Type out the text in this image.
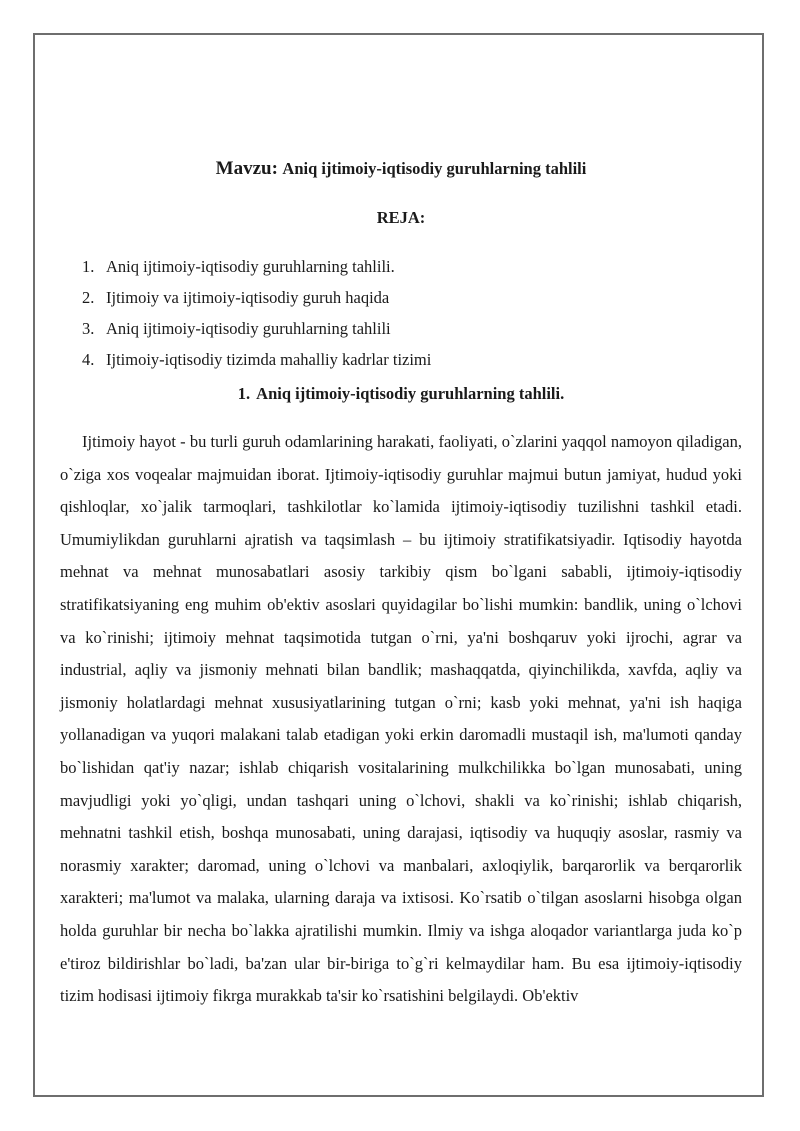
Mavzu: Aniq ijtimoiy-iqtisodiy guruhlarning tahlili
REJA:
1. Aniq ijtimoiy-iqtisodiy guruhlarning tahlili.
2. Ijtimoiy va ijtimoiy-iqtisodiy guruh haqida
3. Aniq ijtimoiy-iqtisodiy guruhlarning tahlili
4. Ijtimoiy-iqtisodiy tizimda mahalliy kadrlar tizimi
1. Aniq ijtimoiy-iqtisodiy guruhlarning tahlili.

Ijtimoiy hayot - bu turli guruh odamlarining harakati, faoliyati, o`zlarini yaqqol namoyon qiladigan, o`ziga xos voqealar majmuidan iborat. Ijtimoiy-iqtisodiy guruhlar majmui butun jamiyat, hudud yoki qishloqlar, xo`jalik tarmoqlari, tashkilotlar ko`lamida ijtimoiy-iqtisodiy tuzilishni tashkil etadi. Umumiylikdan guruhlarni ajratish va taqsimlash – bu ijtimoiy stratifikatsiyadir. Iqtisodiy hayotda mehnat va mehnat munosabatlari asosiy tarkibiy qism bo`lgani sababli, ijtimoiy-iqtisodiy stratifikatsiyaning eng muhim ob'ektiv asoslari quyidagilar bo`lishi mumkin: bandlik, uning o`lchovi va ko`rinishi; ijtimoiy mehnat taqsimotida tutgan o`rni, ya'ni boshqaruv yoki ijrochi, agrar va industrial, aqliy va jismoniy mehnati bilan bandlik; mashaqqatda, qiyinchilikda, xavfda, aqliy va jismoniy holatlardagi mehnat xususiyatlarining tutgan o`rni; kasb yoki mehnat, ya'ni ish haqiga yollanadigan va yuqori malakani talab etadigan yoki erkin daromadli mustaqil ish, ma'lumoti qanday bo`lishidan qat'iy nazar; ishlab chiqarish vositalarining mulkchilikka bo`lgan munosabati, uning mavjudligi yoki yo`qligi, undan tashqari uning o`lchovi, shakli va ko`rinishi; ishlab chiqarish, mehnatni tashkil etish, boshqa munosabati, uning darajasi, iqtisodiy va huquqiy asoslar, rasmiy va norasmiy xarakter; daromad, uning o`lchovi va manbalari, axloqiylik, barqarorlik va berqarorlik xarakteri; ma'lumot va malaka, ularning daraja va ixtisosi. Ko`rsatib o`tilgan asoslarni hisobga olgan holda guruhlar bir necha bo`lakka ajratilishi mumkin. Ilmiy va ishga aloqador variantlarga juda ko`p e'tiroz bildirishlar bo`ladi, ba'zan ular bir-biriga to`g`ri kelmaydilar ham. Bu esa ijtimoiy-iqtisodiy tizim hodisasi ijtimoiy fikrga murakkab ta'sir ko`rsatishini belgilaydi. Ob'ektiv
